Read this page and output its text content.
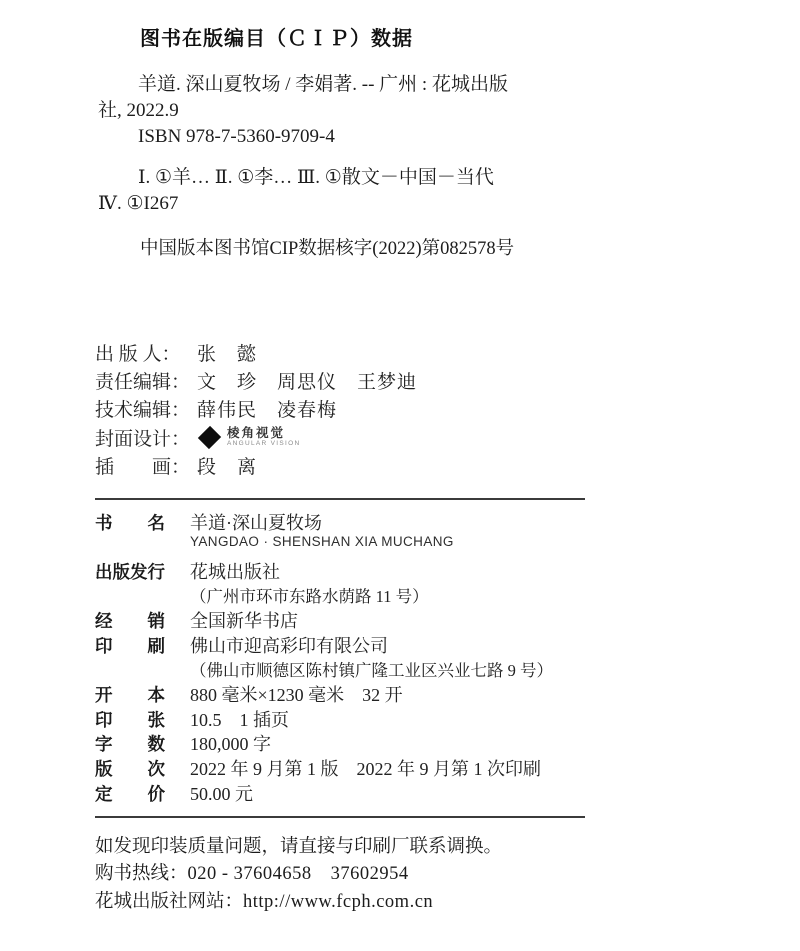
图书在版编目（ＣＩＰ）数据
羊道. 深山夏牧场 / 李娟著. -- 广州 : 花城出版
社, 2022.9
ISBN 978-7-5360-9709-4
Ⅰ. ①羊… Ⅱ. ①李… Ⅲ. ①散文－中国－当代
Ⅳ. ①I267
中国版本图书馆CIP数据核字(2022)第082578号
出 版 人： 张　懿
责任编辑： 文　珍　周思仪　王梦迪
技术编辑： 薛伟民　凌春梅
封面设计：	棱角视觉
ANGULAR VISION
插　　画： 段　离
书　　名	羊道·深山夏牧场
YANGDAO · SHENSHAN XIA MUCHANG
出版发行	花城出版社
（广州市环市东路水荫路 11 号）
经　　销	全国新华书店
印　　刷	佛山市迎高彩印有限公司
（佛山市顺德区陈村镇广隆工业区兴业七路 9 号）
开　　本	880 毫米×1230 毫米　32 开
印　　张	10.5　1 插页
字　　数	180,000 字
版　　次	2022 年 9 月第 1 版　2022 年 9 月第 1 次印刷
定　　价	50.00 元
如发现印装质量问题，请直接与印刷厂联系调换。
购书热线： 020 - 37604658　37602954
花城出版社网站： http://www.fcph.com.cn
